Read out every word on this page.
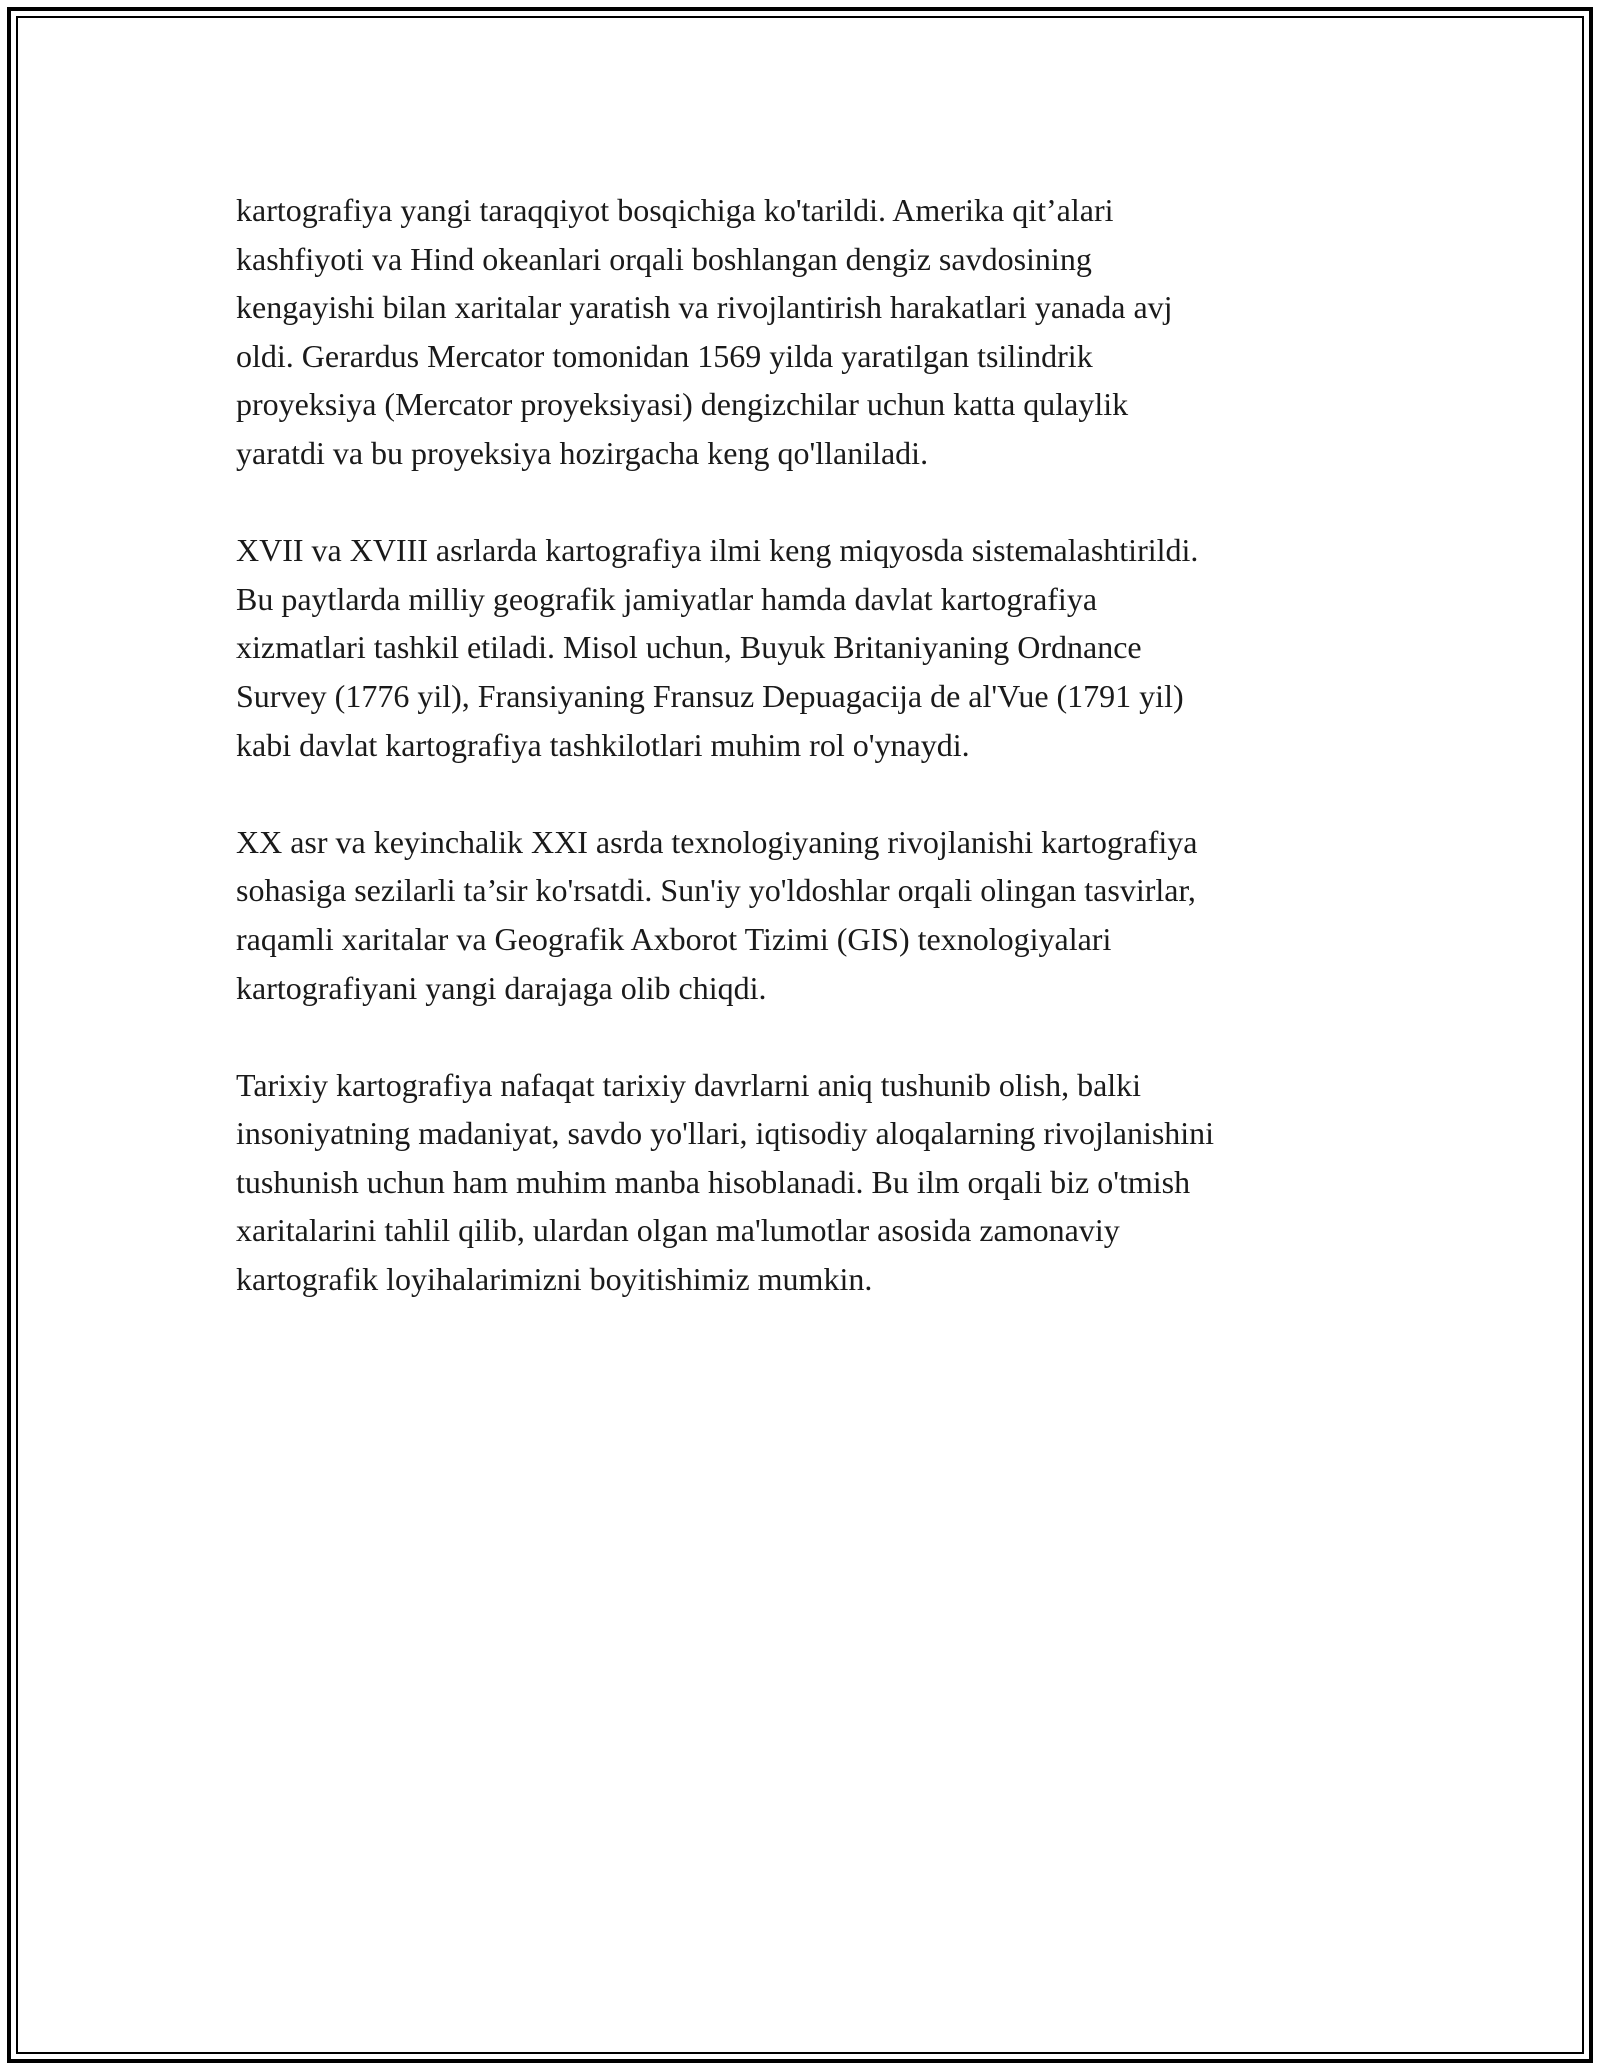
kartografiya yangi taraqqiyot bosqichiga ko'tarildi. Amerika qit’alari
kashfiyoti va Hind okeanlari orqali boshlangan dengiz savdosining
kengayishi bilan xaritalar yaratish va rivojlantirish harakatlari yanada avj
oldi. Gerardus Mercator tomonidan 1569 yilda yaratilgan tsilindrik
proyeksiya (Mercator proyeksiyasi) dengizchilar uchun katta qulaylik
yaratdi va bu proyeksiya hozirgacha keng qo'llaniladi.

XVII va XVIII asrlarda kartografiya ilmi keng miqyosda sistemalashtirildi.
Bu paytlarda milliy geografik jamiyatlar hamda davlat kartografiya
xizmatlari tashkil etiladi. Misol uchun, Buyuk Britaniyaning Ordnance
Survey (1776 yil), Fransiyaning Fransuz Depuagacija de al'Vue (1791 yil)
kabi davlat kartografiya tashkilotlari muhim rol o'ynaydi.

XX asr va keyinchalik XXI asrda texnologiyaning rivojlanishi kartografiya
sohasiga sezilarli ta’sir ko'rsatdi. Sun'iy yo'ldoshlar orqali olingan tasvirlar,
raqamli xaritalar va Geografik Axborot Tizimi (GIS) texnologiyalari
kartografiyani yangi darajaga olib chiqdi.

Tarixiy kartografiya nafaqat tarixiy davrlarni aniq tushunib olish, balki
insoniyatning madaniyat, savdo yo'llari, iqtisodiy aloqalarning rivojlanishini
tushunish uchun ham muhim manba hisoblanadi. Bu ilm orqali biz o'tmish
xaritalarini tahlil qilib, ulardan olgan ma'lumotlar asosida zamonaviy
kartografik loyihalarimizni boyitishimiz mumkin.
